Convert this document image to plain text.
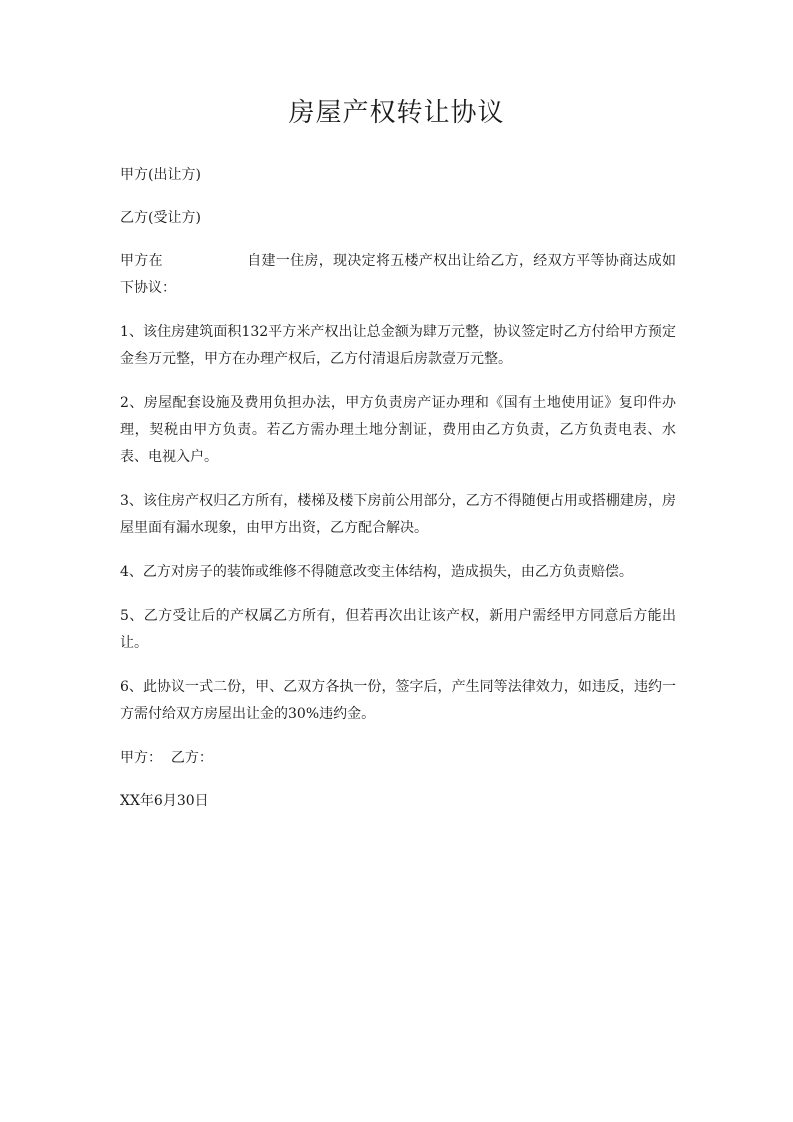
房屋产权转让协议

甲方(出让方)

乙方(受让方)

甲方在	自建一住房，现决定将五楼产权出让给乙方，经双方平等协商达成如下协议：

1、该住房建筑面积132平方米产权出让总金额为肆万元整，协议签定时乙方付给甲方预定金叁万元整，甲方在办理产权后，乙方付清退后房款壹万元整。

2、房屋配套设施及费用负担办法，甲方负责房产证办理和《国有土地使用证》复印件办理，契税由甲方负责。若乙方需办理土地分割证，费用由乙方负责，乙方负责电表、水表、电视入户。

3、该住房产权归乙方所有，楼梯及楼下房前公用部分，乙方不得随便占用或搭棚建房，房屋里面有漏水现象，由甲方出资，乙方配合解决。

4、乙方对房子的装饰或维修不得随意改变主体结构，造成损失，由乙方负责赔偿。

5、乙方受让后的产权属乙方所有，但若再次出让该产权，新用户需经甲方同意后方能出让。

6、此协议一式二份，甲、乙双方各执一份，签字后，产生同等法律效力，如违反，违约一方需付给双方房屋出让金的30%违约金。

甲方：  乙方：

XX年6月30日
